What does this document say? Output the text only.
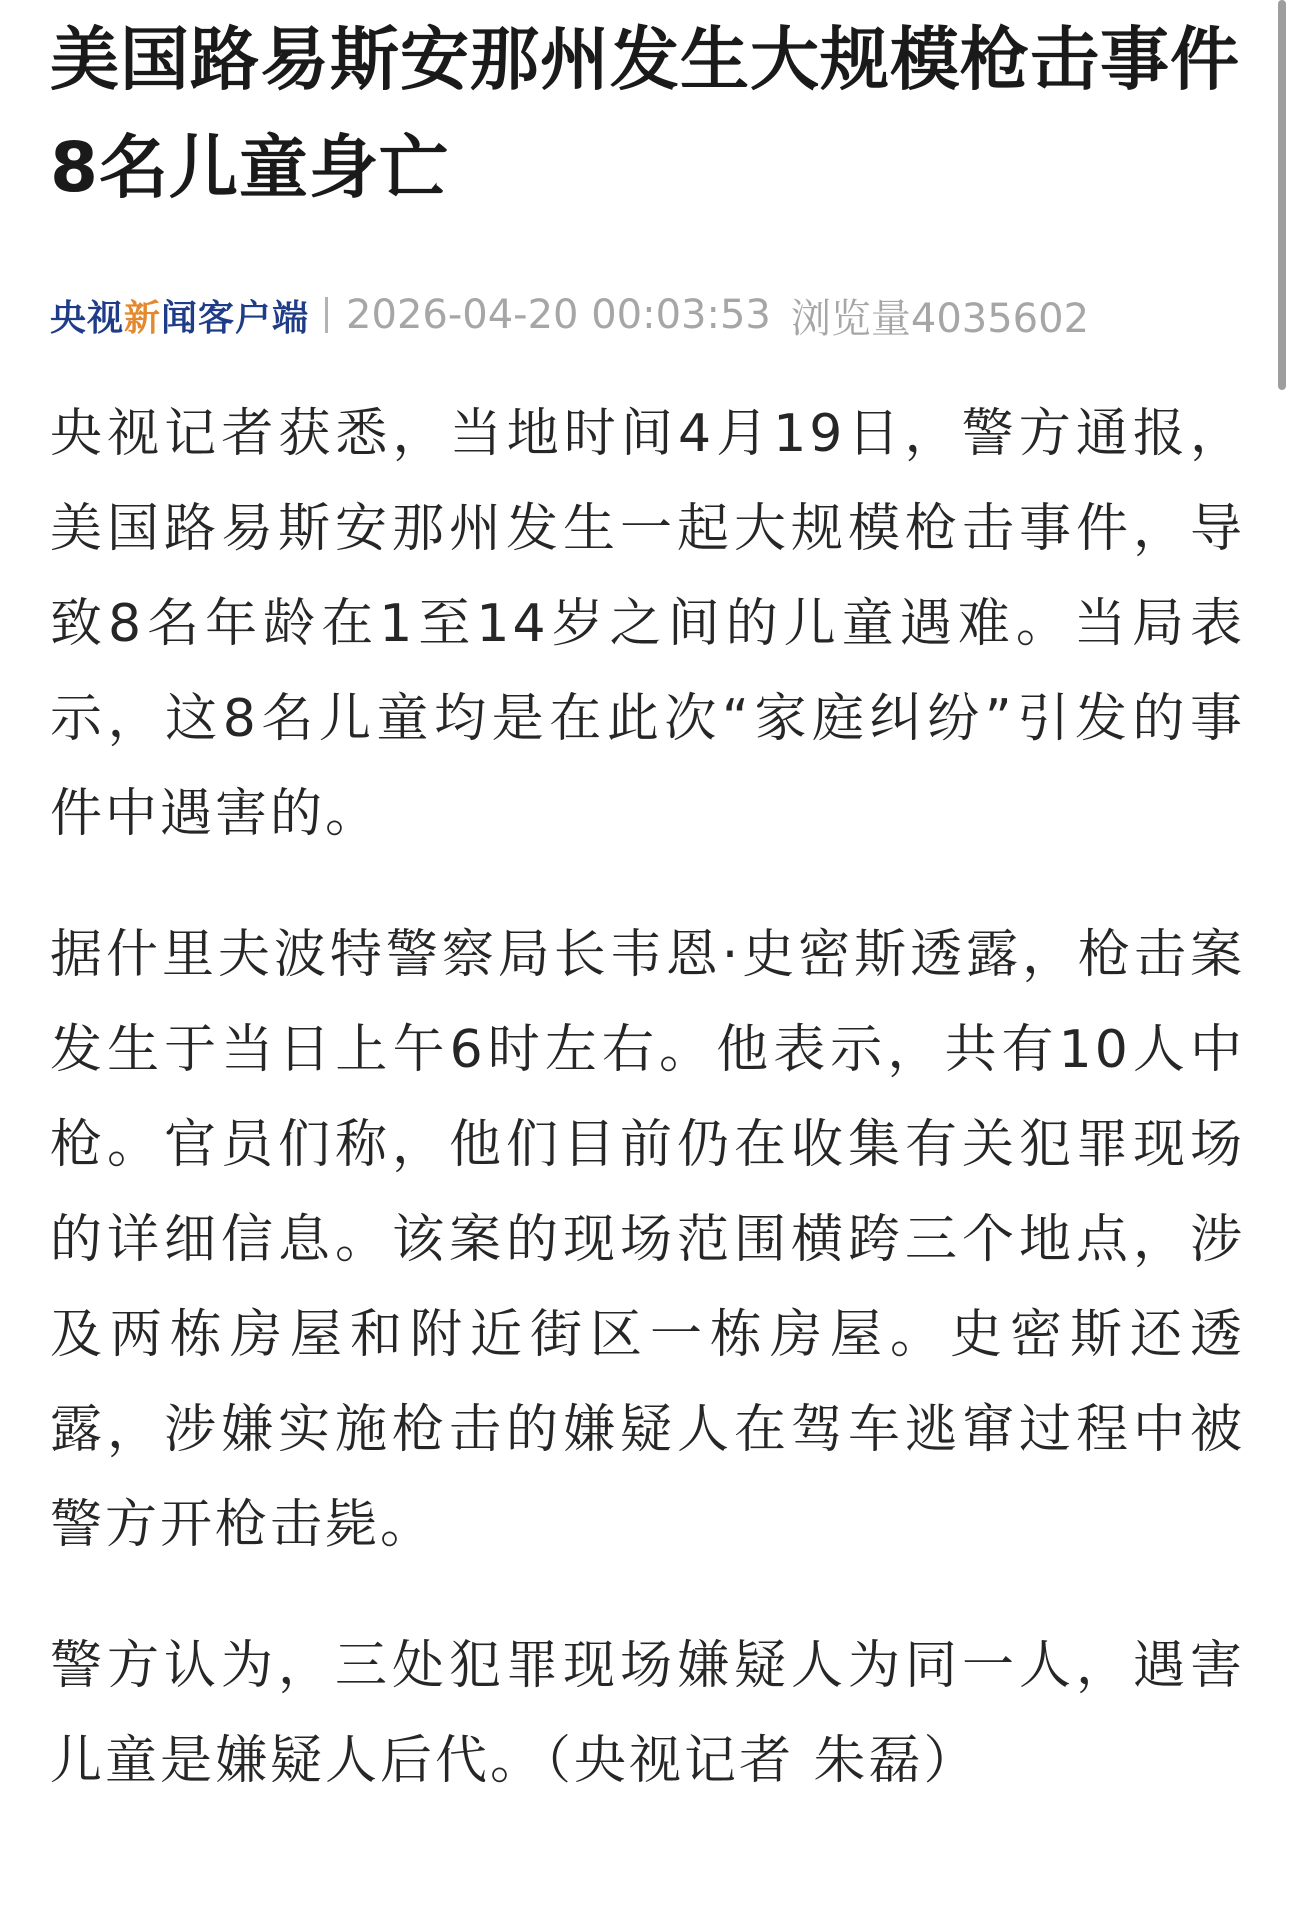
美国路易斯安那州发生大规模枪击事件 8名儿童身亡
央视新闻客户端 2026-04-20 00:03:53 浏览量4035602

央视记者获悉，当地时间4月19日，警方通报，美国路易斯安那州发生一起大规模枪击事件，导致8名年龄在1至14岁之间的儿童遇难。当局表示，这8名儿童均是在此次“家庭纠纷”引发的事件中遇害的。

据什里夫波特警察局长韦恩·史密斯透露，枪击案发生于当日上午6时左右。他表示，共有10人中枪。官员们称，他们目前仍在收集有关犯罪现场的详细信息。该案的现场范围横跨三个地点，涉及两栋房屋和附近街区一栋房屋。史密斯还透露，涉嫌实施枪击的嫌疑人在驾车逃窜过程中被警方开枪击毙。

警方认为，三处犯罪现场嫌疑人为同一人，遇害儿童是嫌疑人后代。（央视记者 朱磊）
